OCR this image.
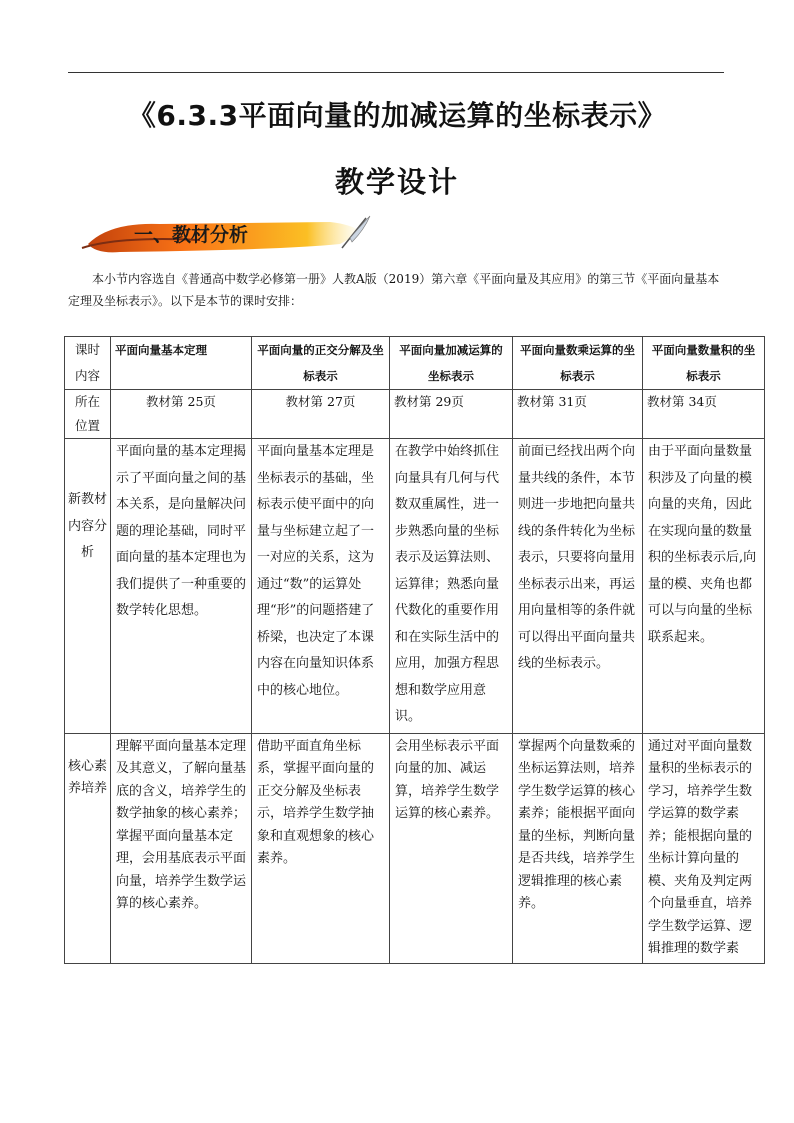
《6.3.3平面向量的加减运算的坐标表示》
教学设计
一、教材分析

本小节内容选自《普通高中数学必修第一册》人教A版（2019）第六章《平面向量及其应用》的第三节《平面向量基本定理及坐标表示》。以下是本节的课时安排：

课时内容	平面向量基本定理	平面向量的正交分解及坐标表示	平面向量加减运算的坐标表示	平面向量数乘运算的坐标表示	平面向量数量积的坐标表示
所在位置	教材第 25页	教材第 27页	教材第 29页	教材第 31页	教材第 34页
新教材内容分析	平面向量的基本定理揭示了平面向量之间的基本关系，是向量解决问题的理论基础，同时平面向量的基本定理也为我们提供了一种重要的数学转化思想。	平面向量基本定理是坐标表示的基础，坐标表示使平面中的向量与坐标建立起了一一对应的关系，这为通过“数”的运算处理“形”的问题搭建了桥梁，也决定了本课内容在向量知识体系中的核心地位。	在教学中始终抓住向量具有几何与代数双重属性，进一步熟悉向量的坐标表示及运算法则、运算律；熟悉向量代数化的重要作用和在实际生活中的应用，加强方程思想和数学应用意识。	前面已经找出两个向量共线的条件，本节则进一步地把向量共线的条件转化为坐标表示，只要将向量用坐标表示出来，再运用向量相等的条件就可以得出平面向量共线的坐标表示。	由于平面向量数量积涉及了向量的模向量的夹角，因此在实现向量的数量积的坐标表示后,向量的模、夹角也都可以与向量的坐标联系起来。
核心素养培养	理解平面向量基本定理及其意义，了解向量基底的含义，培养学生的数学抽象的核心素养；掌握平面向量基本定理，会用基底表示平面向量，培养学生数学运算的核心素养。	借助平面直角坐标系，掌握平面向量的正交分解及坐标表示，培养学生数学抽象和直观想象的核心素养。	会用坐标表示平面向量的加、减运算，培养学生数学运算的核心素养。	掌握两个向量数乘的坐标运算法则，培养学生数学运算的核心素养；能根据平面向量的坐标，判断向量是否共线，培养学生逻辑推理的核心素养。	通过对平面向量数量积的坐标表示的学习，培养学生数学运算的数学素养；能根据向量的坐标计算向量的模、夹角及判定两个向量垂直，培养学生数学运算、逻辑推理的数学素
